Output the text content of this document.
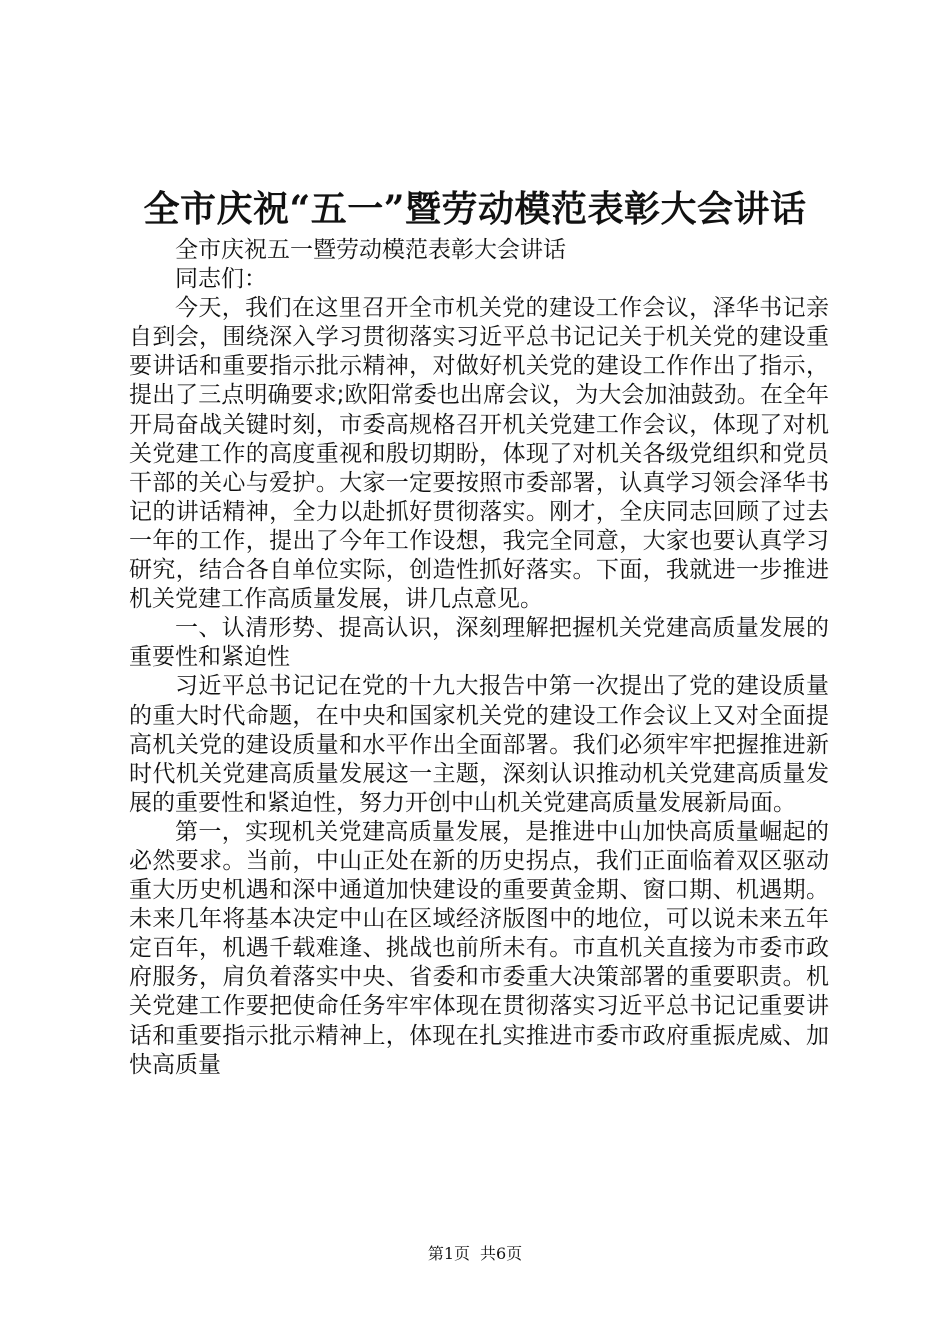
全市庆祝“五一”暨劳动模范表彰大会讲话

全市庆祝五一暨劳动模范表彰大会讲话

同志们：

今天，我们在这里召开全市机关党的建设工作会议，泽华书记亲自到会，围绕深入学习贯彻落实习近平总书记记关于机关党的建设重要讲话和重要指示批示精神，对做好机关党的建设工作作出了指示，提出了三点明确要求;欧阳常委也出席会议，为大会加油鼓劲。在全年开局奋战关键时刻，市委高规格召开机关党建工作会议，体现了对机关党建工作的高度重视和殷切期盼，体现了对机关各级党组织和党员干部的关心与爱护。大家一定要按照市委部署，认真学习领会泽华书记的讲话精神，全力以赴抓好贯彻落实。刚才，全庆同志回顾了过去一年的工作，提出了今年工作设想，我完全同意，大家也要认真学习研究，结合各自单位实际，创造性抓好落实。下面，我就进一步推进机关党建工作高质量发展，讲几点意见。

一、认清形势、提高认识，深刻理解把握机关党建高质量发展的重要性和紧迫性

习近平总书记记在党的十九大报告中第一次提出了党的建设质量的重大时代命题，在中央和国家机关党的建设工作会议上又对全面提高机关党的建设质量和水平作出全面部署。我们必须牢牢把握推进新时代机关党建高质量发展这一主题，深刻认识推动机关党建高质量发展的重要性和紧迫性，努力开创中山机关党建高质量发展新局面。

第一，实现机关党建高质量发展，是推进中山加快高质量崛起的必然要求。当前，中山正处在新的历史拐点，我们正面临着双区驱动重大历史机遇和深中通道加快建设的重要黄金期、窗口期、机遇期。未来几年将基本决定中山在区域经济版图中的地位，可以说未来五年定百年，机遇千载难逢、挑战也前所未有。市直机关直接为市委市政府服务，肩负着落实中央、省委和市委重大决策部署的重要职责。机关党建工作要把使命任务牢牢体现在贯彻落实习近平总书记记重要讲话和重要指示批示精神上，体现在扎实推进市委市政府重振虎威、加快高质量

第1页 共6页
